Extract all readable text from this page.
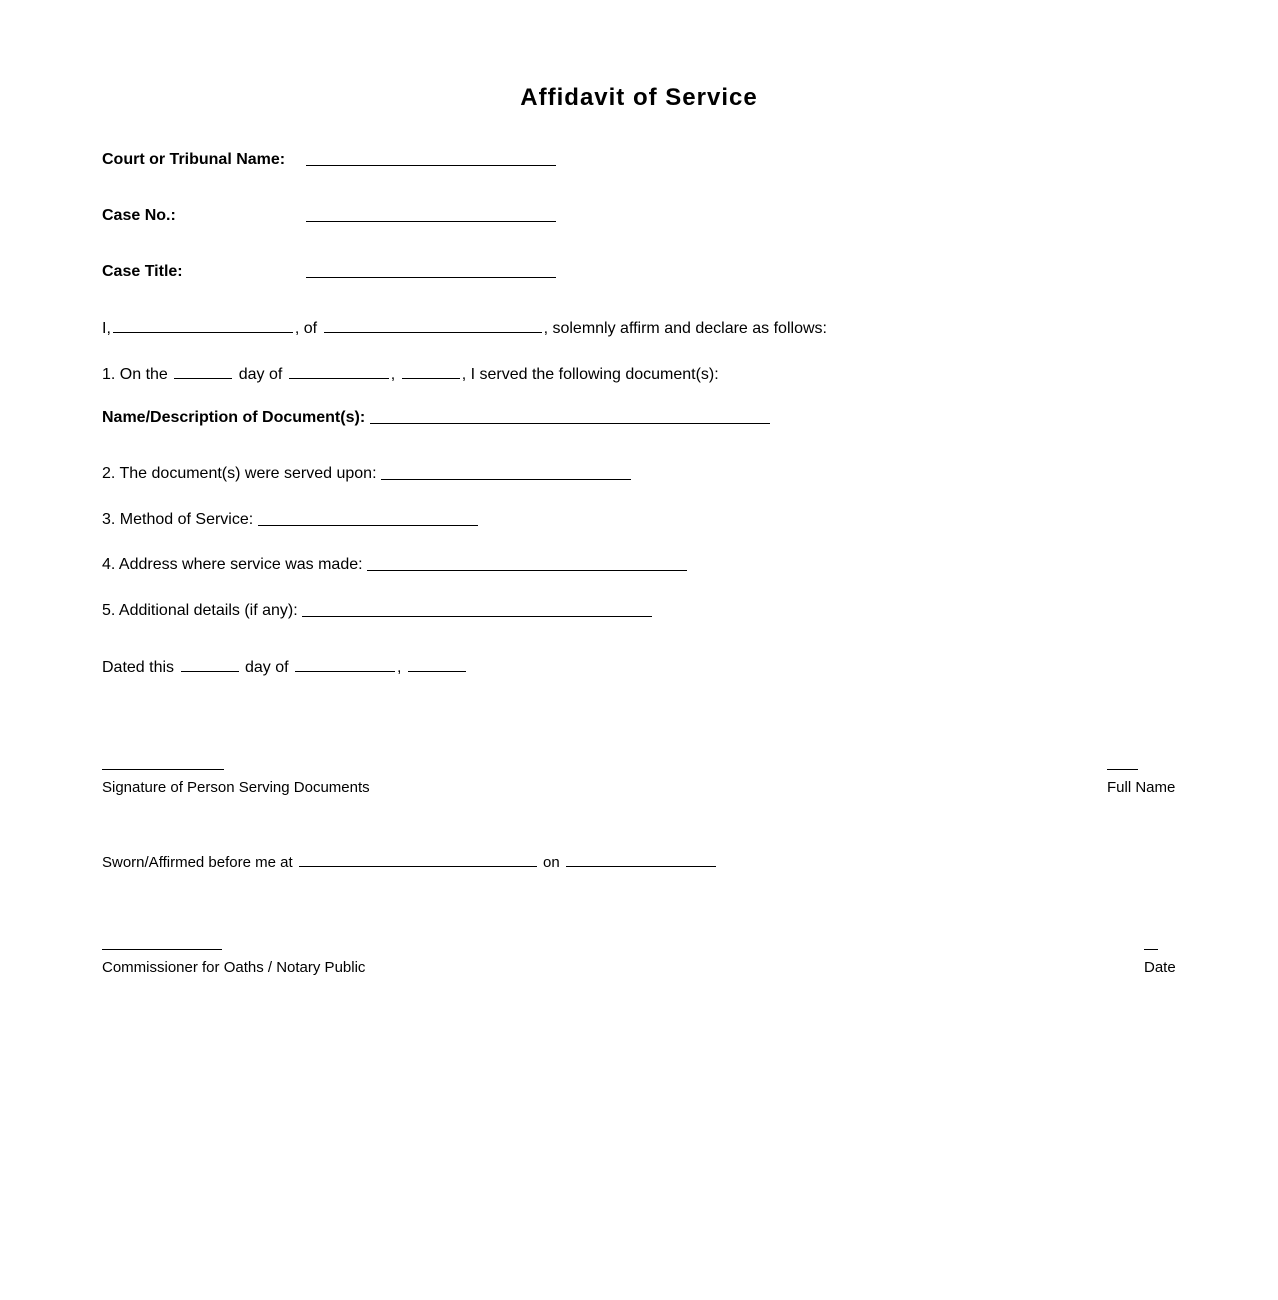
Affidavit of Service
Court or Tribunal Name:
Case No.:
Case Title:
I,	, of	, solemnly affirm and declare as follows:
1. On the	day of	,	, I served the following document(s):
Name/Description of Document(s):
2. The document(s) were served upon:
3. Method of Service:
4. Address where service was made:
5. Additional details (if any):
Dated this	day of	,
Signature of Person Serving Documents	Full Name
Sworn/Affirmed before me at	on
Commissioner for Oaths / Notary Public	Date
